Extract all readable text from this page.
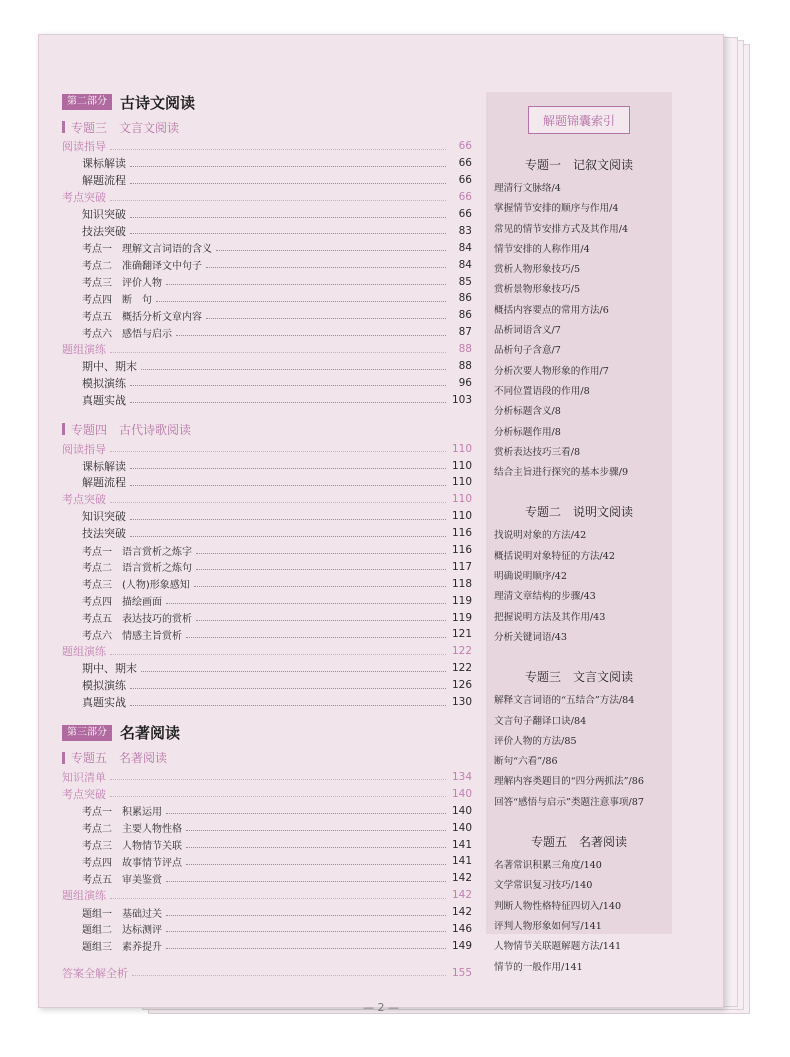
— 2 —
第二部分 古诗文阅读
专题三　文言文阅读
阅读指导	66
课标解读	66
解题流程	66
考点突破	66
知识突破	66
技法突破	83
考点一　理解文言词语的含义	84
考点二　准确翻译文中句子	84
考点三　评价人物	85
考点四　断　句	86
考点五　概括分析文章内容	86
考点六　感悟与启示	87
题组演练	88
期中、期末	88
模拟演练	96
真题实战	103
专题四　古代诗歌阅读
阅读指导	110
课标解读	110
解题流程	110
考点突破	110
知识突破	110
技法突破	116
考点一　语言赏析之炼字	116
考点二　语言赏析之炼句	117
考点三　(人物)形象感知	118
考点四　描绘画面	119
考点五　表达技巧的赏析	119
考点六　情感主旨赏析	121
题组演练	122
期中、期末	122
模拟演练	126
真题实战	130
第三部分 名著阅读
专题五　名著阅读
知识清单	134
考点突破	140
考点一　积累运用	140
考点二　主要人物性格	140
考点三　人物情节关联	141
考点四　故事情节评点	141
考点五　审美鉴赏	142
题组演练	142
题组一　基础过关	142
题组二　达标测评	146
题组三　素养提升	149
答案全解全析	155
解题锦囊索引
专题一　记叙文阅读
理清行文脉络/4
掌握情节安排的顺序与作用/4
常见的情节安排方式及其作用/4
情节安排的人称作用/4
赏析人物形象技巧/5
赏析景物形象技巧/5
概括内容要点的常用方法/6
品析词语含义/7
品析句子含意/7
分析次要人物形象的作用/7
不同位置语段的作用/8
分析标题含义/8
分析标题作用/8
赏析表达技巧三看/8
结合主旨进行探究的基本步骤/9
专题二　说明文阅读
找说明对象的方法/42
概括说明对象特征的方法/42
明确说明顺序/42
理清文章结构的步骤/43
把握说明方法及其作用/43
分析关键词语/43
专题三　文言文阅读
解释文言词语的“五结合”方法/84
文言句子翻译口诀/84
评价人物的方法/85
断句“六看”/86
理解内容类题目的“四分两抓法”/86
回答“感悟与启示”类题注意事项/87
专题五　名著阅读
名著常识积累三角度/140
文学常识复习技巧/140
判断人物性格特征四切入/140
评判人物形象如何写/141
人物情节关联题解题方法/141
情节的一般作用/141
